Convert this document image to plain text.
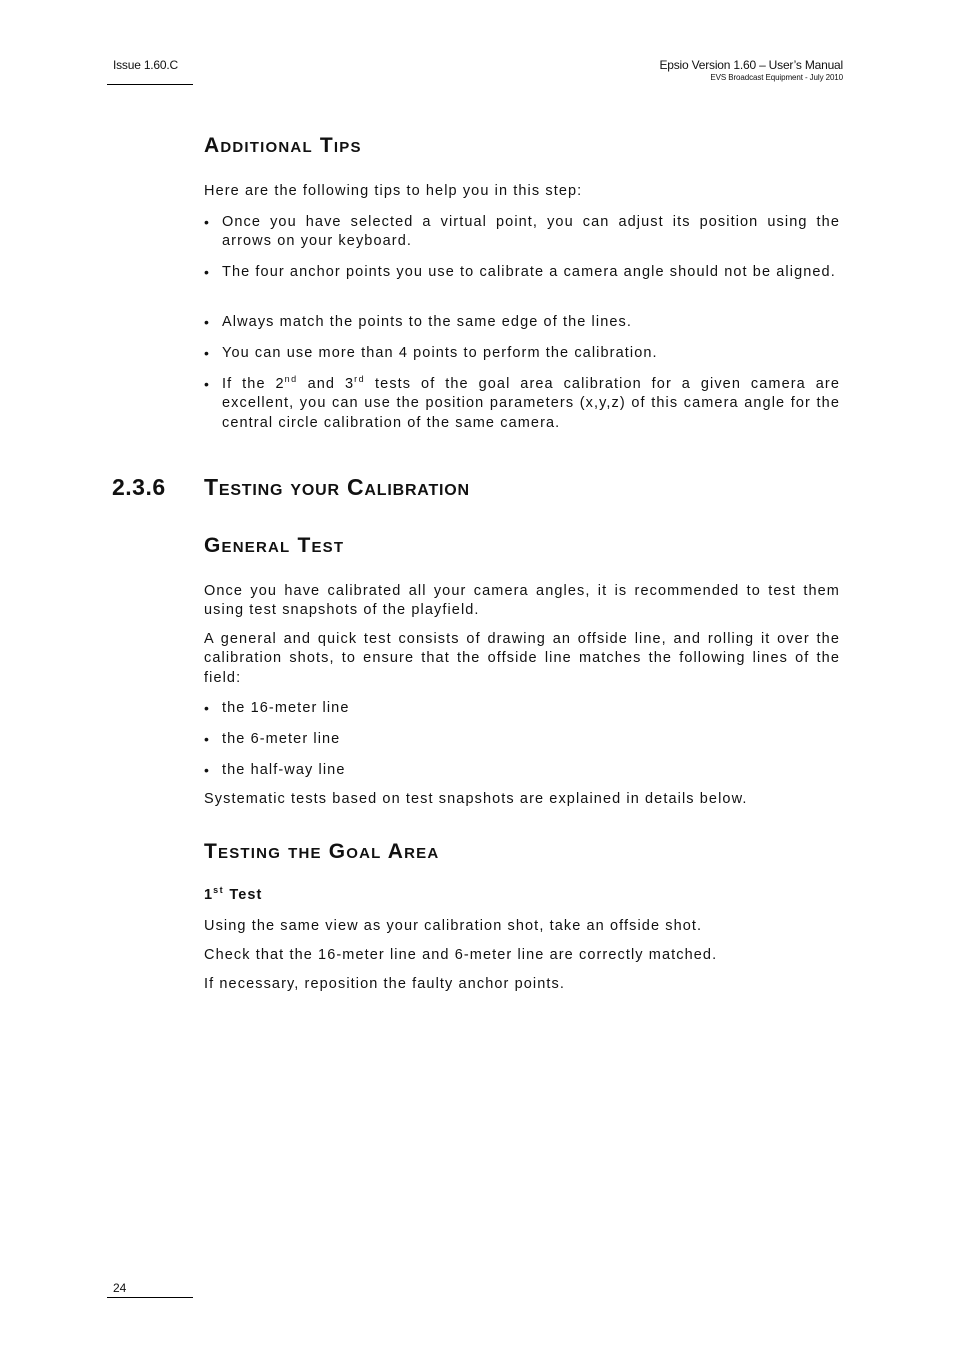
Issue 1.60.C	Epsio Version 1.60 – User’s Manual
EVS Broadcast Equipment - July 2010
Additional Tips

Here are the following tips to help you in this step:

• Once you have selected a virtual point, you can adjust its position using the arrows on your keyboard.

• The four anchor points you use to calibrate a camera angle should not be aligned.

• Always match the points to the same edge of the lines.

• You can use more than 4 points to perform the calibration.

• If the 2nd and 3rd tests of the goal area calibration for a given camera are excellent, you can use the position parameters (x,y,z) of this camera angle for the central circle calibration of the same camera.

2.3.6 Testing your Calibration
General Test

Once you have calibrated all your camera angles, it is recommended to test them using test snapshots of the playfield.

A general and quick test consists of drawing an offside line, and rolling it over the calibration shots, to ensure that the offside line matches the following lines of the field:

• the 16-meter line

• the 6-meter line

• the half-way line

Systematic tests based on test snapshots are explained in details below.

Testing the Goal Area
1st Test

Using the same view as your calibration shot, take an offside shot.

Check that the 16-meter line and 6-meter line are correctly matched.

If necessary, reposition the faulty anchor points.

24
